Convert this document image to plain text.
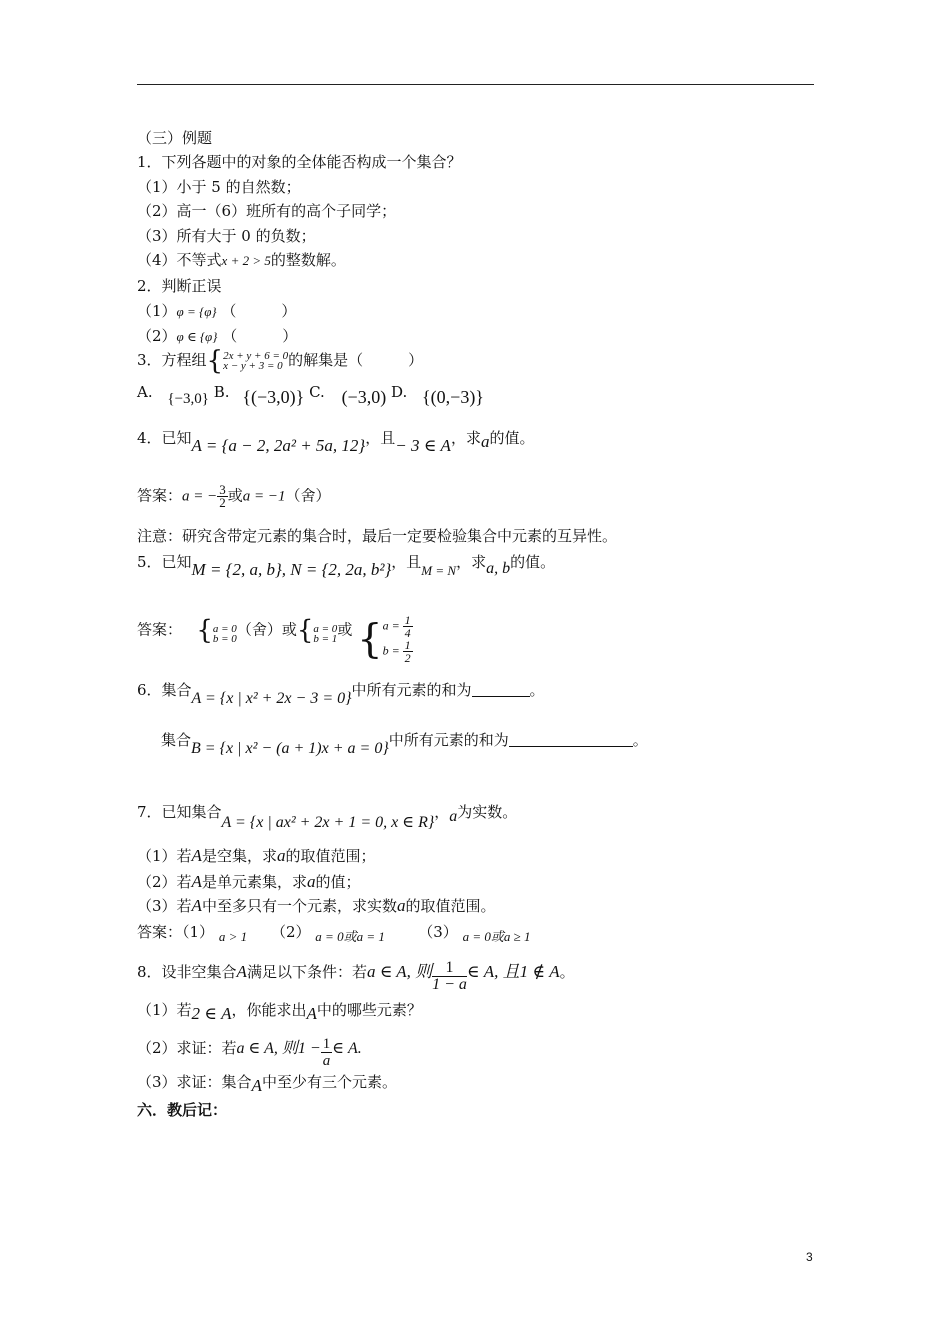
（三）例题
1．下列各题中的对象的全体能否构成一个集合？
（1）小于 5 的自然数；
（2）高一（6）班所有的高个子同学；
（3）所有大于 0 的负数；
（4）不等式x + 2 > 5的整数解。
2．判断正误
（1）φ = {φ} （　　　）
（2）φ ∈ {φ} （　　　）
3．方程组{ 2x + y + 6 = 0
x − y + 3 = 0 的解集是（　　　）
A. {−3,0} B. {(−3,0)} C. (−3,0) D. {(0,−3)}
4．已知A = {a − 2, 2a² + 5a, 12}，且− 3 ∈ A，求a的值。
答案：a = − $\frac{3}{2}$ 或a = −1（舍）
注意：研究含带定元素的集合时，最后一定要检验集合中元素的互异性。
5．已知M = {2, a, b}, N = {2, 2a, b²}，且M = N，求a, b的值。
答案： { a = 0
b = 0
（舍）或{ a = 0
b = 1
或 { $a = \frac{1}{4}$
$b = \frac{1}{2}$
6．集合A = {x | x² + 2x − 3 = 0}中所有元素的和为	。
集合B = {x | x² − (a + 1)x + a = 0}中所有元素的和为	。
7．已知集合A = {x | ax² + 2x + 1 = 0, x ∈ R}，a为实数。
（1）若A是空集，求a的取值范围；
（2）若A是单元素集，求a的值；
（3）若A中至多只有一个元素，求实数a的取值范围。
答案：（1） a > 1 （2） a = 0或a = 1 （3） a = 0或a ≥ 1
8．设非空集合A满足以下条件：若a ∈ A, 则 $\frac{1}{1 - a}$ ∈ A, 且1 ∉ A。
（1）若2 ∈ A，你能求出A中的哪些元素？
（2）求证：若a ∈ A, 则$1 - \frac{1}{a}$ ∈ A.
（3）求证：集合A中至少有三个元素。
六．教后记：
3
